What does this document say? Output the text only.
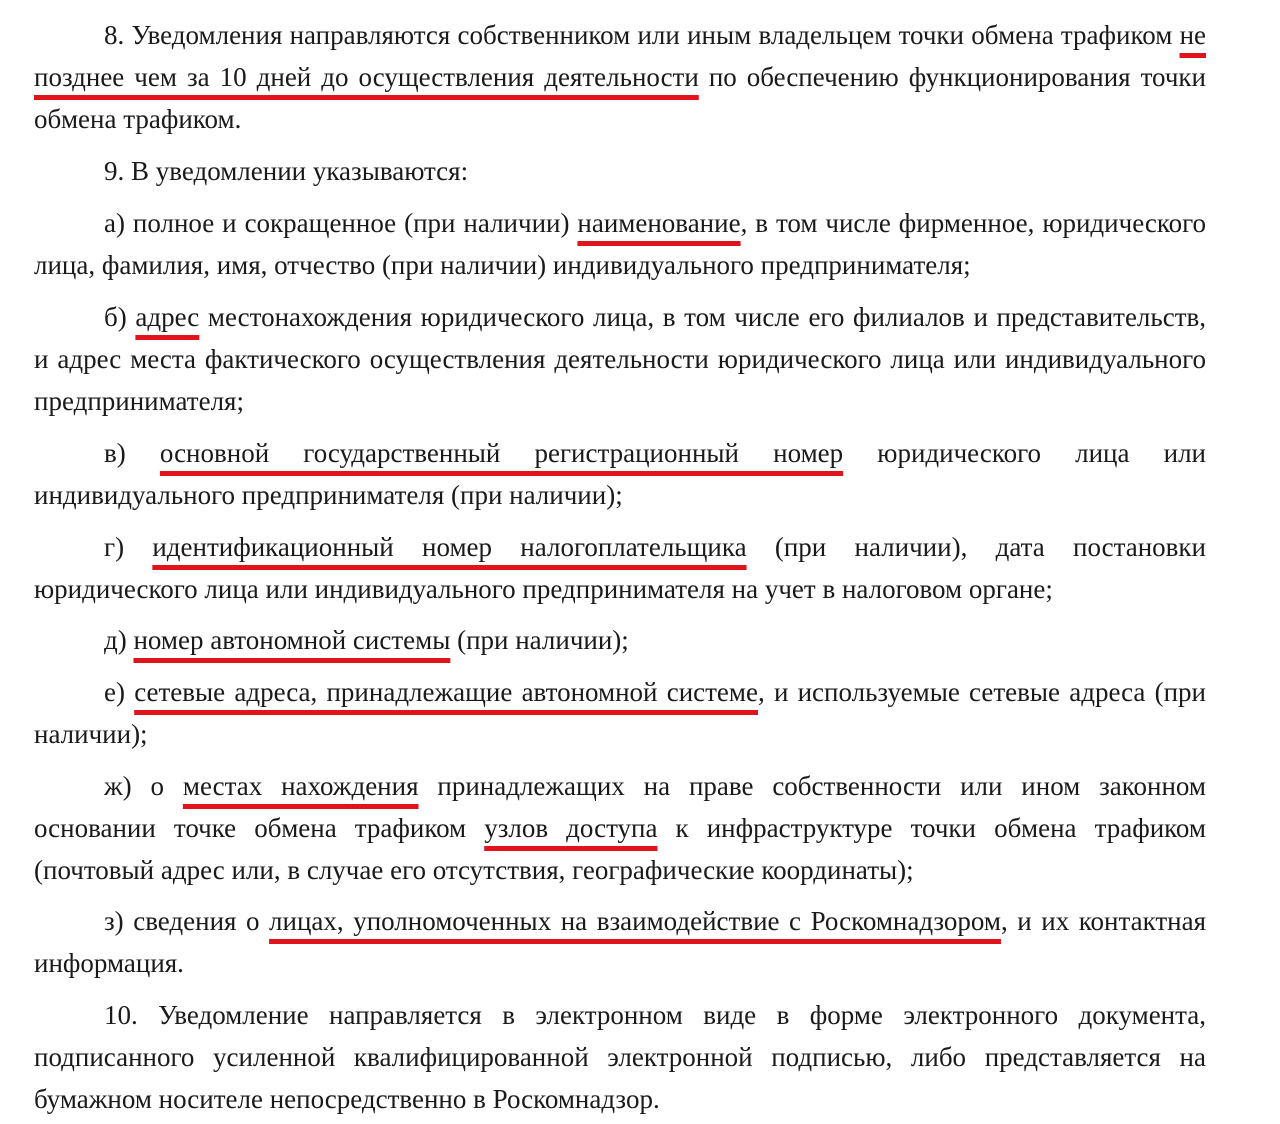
8. Уведомления направляются собственником или иным владельцем точки обмена трафиком не позднее чем за 10 дней до осуществления деятельности по обеспечению функционирования точки обмена трафиком.

9. В уведомлении указываются:

а) полное и сокращенное (при наличии) наименование, в том числе фирменное, юридического лица, фамилия, имя, отчество (при наличии) индивидуального предпринимателя;

б) адрес местонахождения юридического лица, в том числе его филиалов и представительств, и адрес места фактического осуществления деятельности юридического лица или индивидуального предпринимателя;

в) основной государственный регистрационный номер юридического лица или индивидуального предпринимателя (при наличии);

г) идентификационный номер налогоплательщика (при наличии), дата постановки юридического лица или индивидуального предпринимателя на учет в налоговом органе;

д) номер автономной системы (при наличии);

е) сетевые адреса, принадлежащие автономной системе, и используемые сетевые адреса (при наличии);

ж) о местах нахождения принадлежащих на праве собственности или ином законном основании точке обмена трафиком узлов доступа к инфраструктуре точки обмена трафиком (почтовый адрес или, в случае его отсутствия, географические координаты);

з) сведения о лицах, уполномоченных на взаимодействие с Роскомнадзором, и их контактная информация.

10. Уведомление направляется в электронном виде в форме электронного документа, подписанного усиленной квалифицированной электронной подписью, либо представляется на бумажном носителе непосредственно в Роскомнадзор.
